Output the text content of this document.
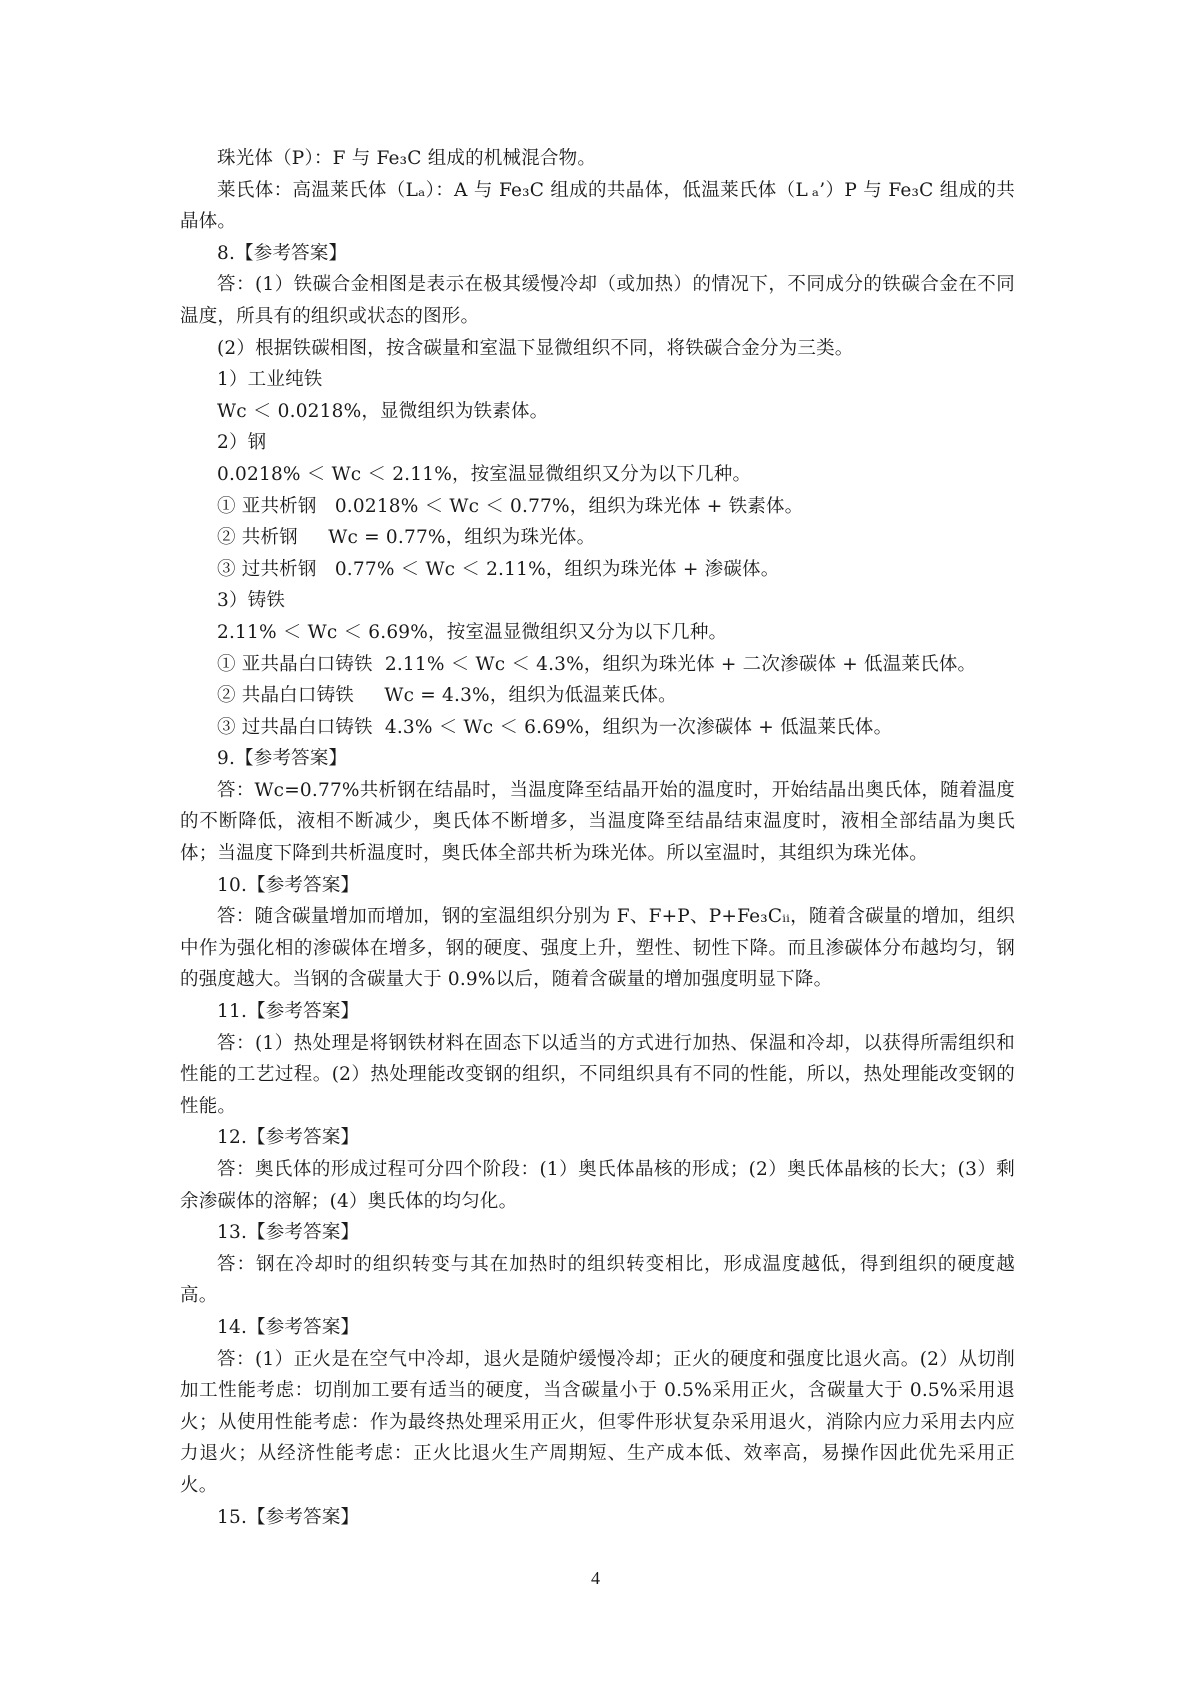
珠光体（P）：F 与 Fe₃C 组成的机械混合物。

莱氏体：高温莱氏体（Lₐ）：A 与 Fe₃C 组成的共晶体，低温莱氏体（L ₐ’）P 与 Fe₃C 组成的共晶体。

8.【参考答案】

答：(1）铁碳合金相图是表示在极其缓慢冷却（或加热）的情况下，不同成分的铁碳合金在不同温度，所具有的组织或状态的图形。

(2）根据铁碳相图，按含碳量和室温下显微组织不同，将铁碳合金分为三类。

1）工业纯铁

Wc ＜ 0.0218%，显微组织为铁素体。

2）钢

0.0218% ＜ Wc ＜ 2.11%，按室温显微组织又分为以下几种。

① 亚共析钢   0.0218% ＜ Wc ＜ 0.77%，组织为珠光体 + 铁素体。

② 共析钢     Wc = 0.77%，组织为珠光体。

③ 过共析钢   0.77% ＜ Wc ＜ 2.11%，组织为珠光体 + 渗碳体。

3）铸铁

2.11% ＜ Wc ＜ 6.69%，按室温显微组织又分为以下几种。

① 亚共晶白口铸铁  2.11% ＜ Wc ＜ 4.3%，组织为珠光体 + 二次渗碳体 + 低温莱氏体。

② 共晶白口铸铁     Wc = 4.3%，组织为低温莱氏体。

③ 过共晶白口铸铁  4.3% ＜ Wc ＜ 6.69%，组织为一次渗碳体 + 低温莱氏体。

9.【参考答案】

答：Wc=0.77%共析钢在结晶时，当温度降至结晶开始的温度时，开始结晶出奥氏体，随着温度的不断降低，液相不断减少，奥氏体不断增多，当温度降至结晶结束温度时，液相全部结晶为奥氏体；当温度下降到共析温度时，奥氏体全部共析为珠光体。所以室温时，其组织为珠光体。

10.【参考答案】

答：随含碳量增加而增加，钢的室温组织分别为 F、F+P、P+Fe₃Cᵢᵢ，随着含碳量的增加，组织中作为强化相的渗碳体在增多，钢的硬度、强度上升，塑性、韧性下降。而且渗碳体分布越均匀，钢的强度越大。当钢的含碳量大于 0.9%以后，随着含碳量的增加强度明显下降。

11.【参考答案】

答：(1）热处理是将钢铁材料在固态下以适当的方式进行加热、保温和冷却，以获得所需组织和性能的工艺过程。(2）热处理能改变钢的组织，不同组织具有不同的性能，所以，热处理能改变钢的性能。

12.【参考答案】

答：奥氏体的形成过程可分四个阶段：(1）奥氏体晶核的形成；(2）奥氏体晶核的长大；(3）剩余渗碳体的溶解；(4）奥氏体的均匀化。

13.【参考答案】

答：钢在冷却时的组织转变与其在加热时的组织转变相比，形成温度越低，得到组织的硬度越高。

14.【参考答案】

答：(1）正火是在空气中冷却，退火是随炉缓慢冷却；正火的硬度和强度比退火高。(2）从切削加工性能考虑：切削加工要有适当的硬度，当含碳量小于 0.5%采用正火，含碳量大于 0.5%采用退火；从使用性能考虑：作为最终热处理采用正火，但零件形状复杂采用退火，消除内应力采用去内应力退火；从经济性能考虑：正火比退火生产周期短、生产成本低、效率高，易操作因此优先采用正火。

15.【参考答案】

4
